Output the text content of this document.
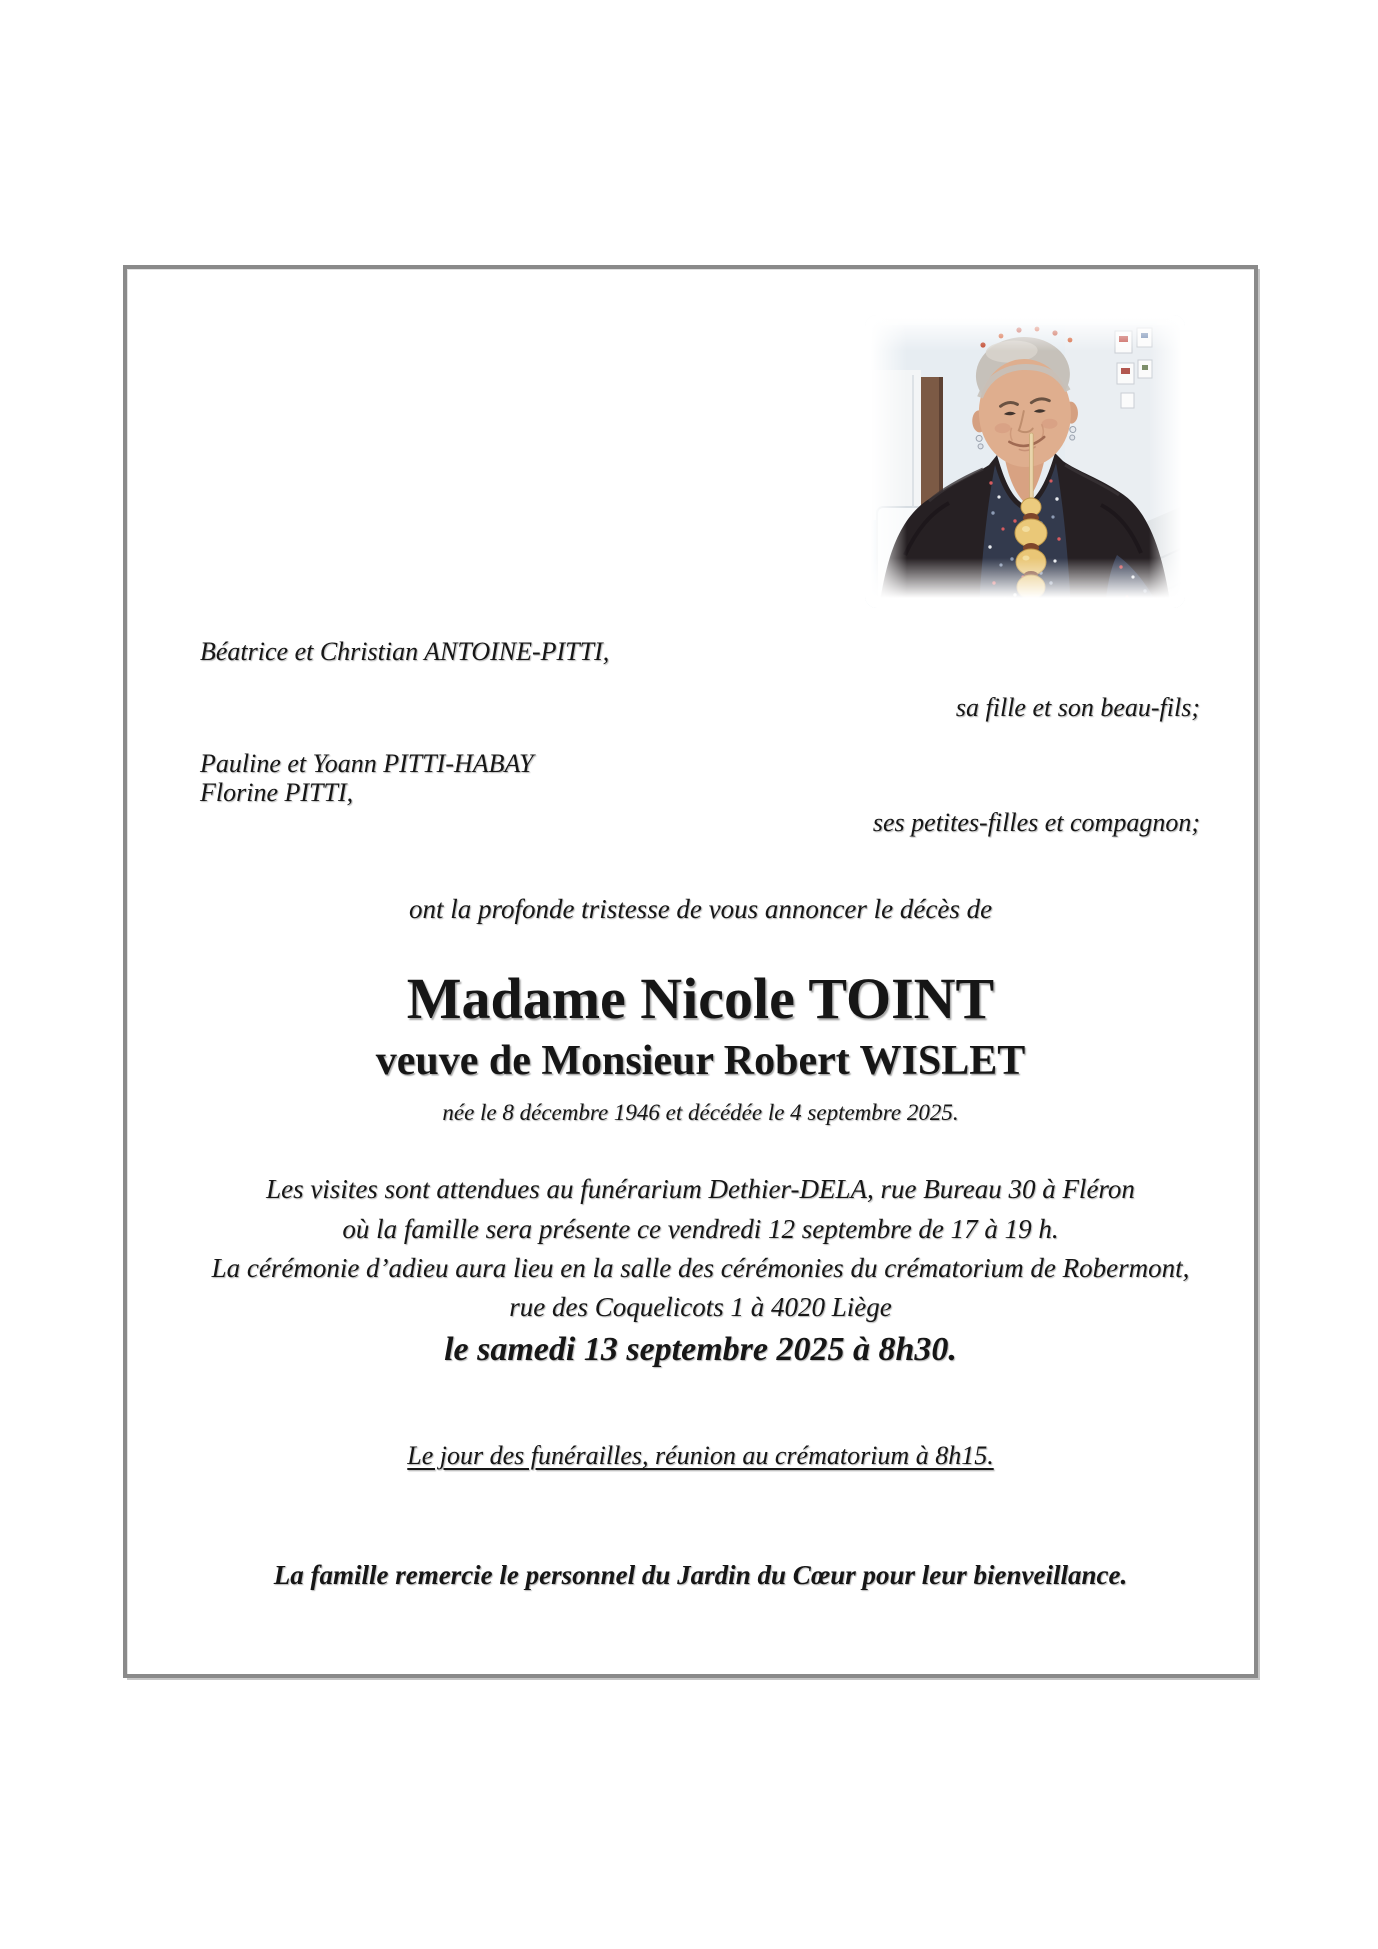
Béatrice et Christian ANTOINE-PITTI,
sa fille et son beau-fils;
Pauline et Yoann PITTI-HABAY
Florine PITTI,
ses petites-filles et compagnon;
ont la profonde tristesse de vous annoncer le décès de
Madame Nicole TOINT
veuve de Monsieur Robert WISLET
née le 8 décembre 1946 et décédée le 4 septembre 2025.
Les visites sont attendues au funérarium Dethier-DELA, rue Bureau 30 à Fléron
où la famille sera présente ce vendredi 12 septembre de 17 à 19 h.
La cérémonie d’adieu aura lieu en la salle des cérémonies du crématorium de Robermont,
rue des Coquelicots 1 à 4020 Liège
le samedi 13 septembre 2025 à 8h30.
Le jour des funérailles, réunion au crématorium à 8h15.
La famille remercie le personnel du Jardin du Cœur pour leur bienveillance.
